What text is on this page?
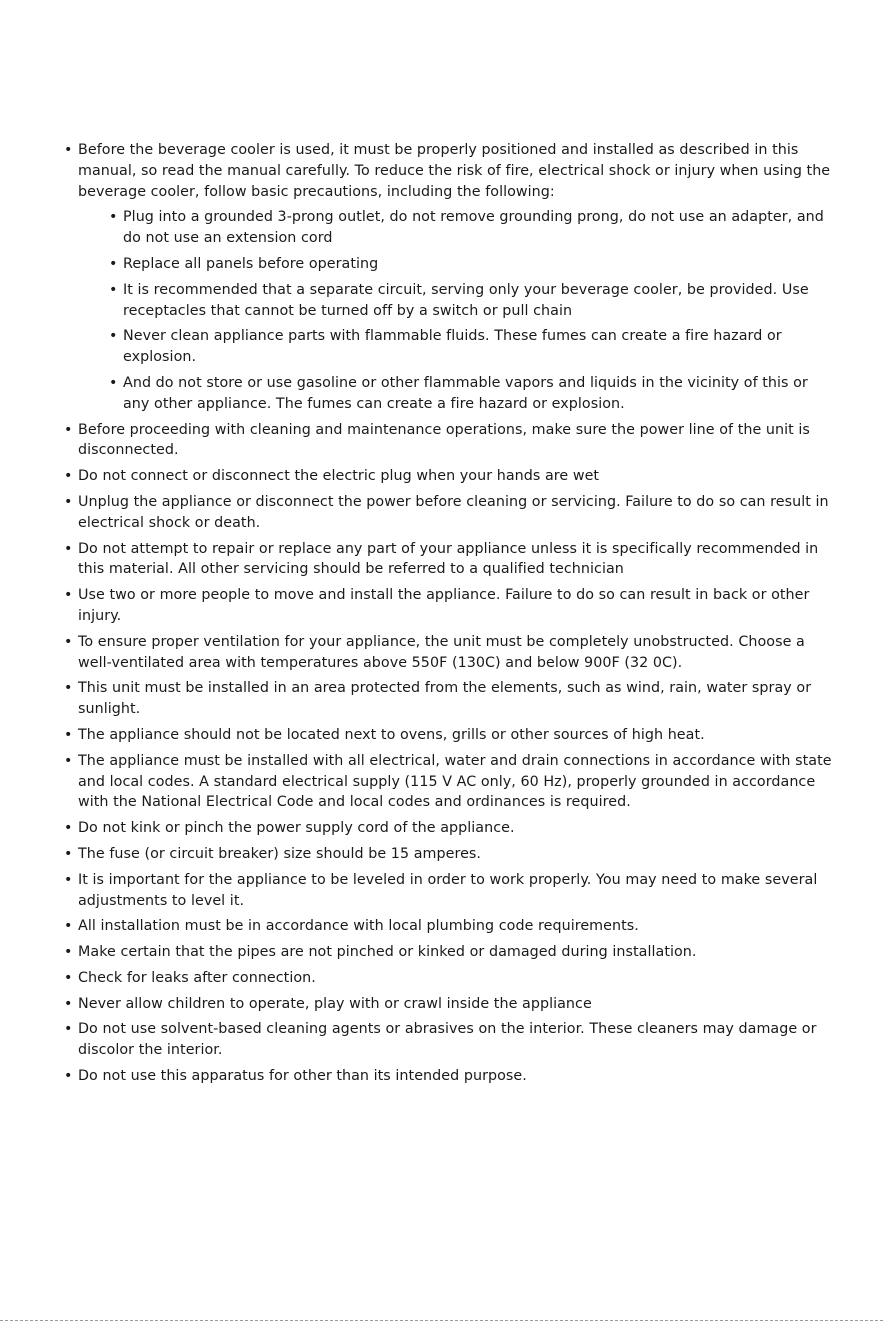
• Before the beverage cooler is used, it must be properly positioned and installed as described in this manual, so read the manual carefully. To reduce the risk of fire, electrical shock or injury when using the beverage cooler, follow basic precautions, including the following:
• Plug into a grounded 3-prong outlet, do not remove grounding prong, do not use an adapter, and do not use an extension cord
• Replace all panels before operating
• It is recommended that a separate circuit, serving only your beverage cooler, be provided. Use receptacles that cannot be turned off by a switch or pull chain
• Never clean appliance parts with flammable fluids. These fumes can create a fire hazard or explosion.
• And do not store or use gasoline or other flammable vapors and liquids in the vicinity of this or any other appliance. The fumes can create a fire hazard or explosion.
• Before proceeding with cleaning and maintenance operations, make sure the power line of the unit is disconnected.
• Do not connect or disconnect the electric plug when your hands are wet
• Unplug the appliance or disconnect the power before cleaning or servicing. Failure to do so can result in electrical shock or death.
• Do not attempt to repair or replace any part of your appliance unless it is specifically recommended in this material. All other servicing should be referred to a qualified technician
• Use two or more people to move and install the appliance. Failure to do so can result in back or other injury.
• To ensure proper ventilation for your appliance, the unit must be completely unobstructed. Choose a well-ventilated area with temperatures above 550F (130C) and below 900F (32 0C).
• This unit must be installed in an area protected from the elements, such as wind, rain, water spray or sunlight.
• The appliance should not be located next to ovens, grills or other sources of high heat.
• The appliance must be installed with all electrical, water and drain connections in accordance with state and local codes. A standard electrical supply (115 V AC only, 60 Hz), properly grounded in accordance with the National Electrical Code and local codes and ordinances is required.
• Do not kink or pinch the power supply cord of the appliance.
• The fuse (or circuit breaker) size should be 15 amperes.
• It is important for the appliance to be leveled in order to work properly. You may need to make several adjustments to level it.
• All installation must be in accordance with local plumbing code requirements.
• Make certain that the pipes are not pinched or kinked or damaged during installation.
• Check for leaks after connection.
• Never allow children to operate, play with or crawl inside the appliance
• Do not use solvent-based cleaning agents or abrasives on the interior. These cleaners may damage or discolor the interior.
• Do not use this apparatus for other than its intended purpose.
